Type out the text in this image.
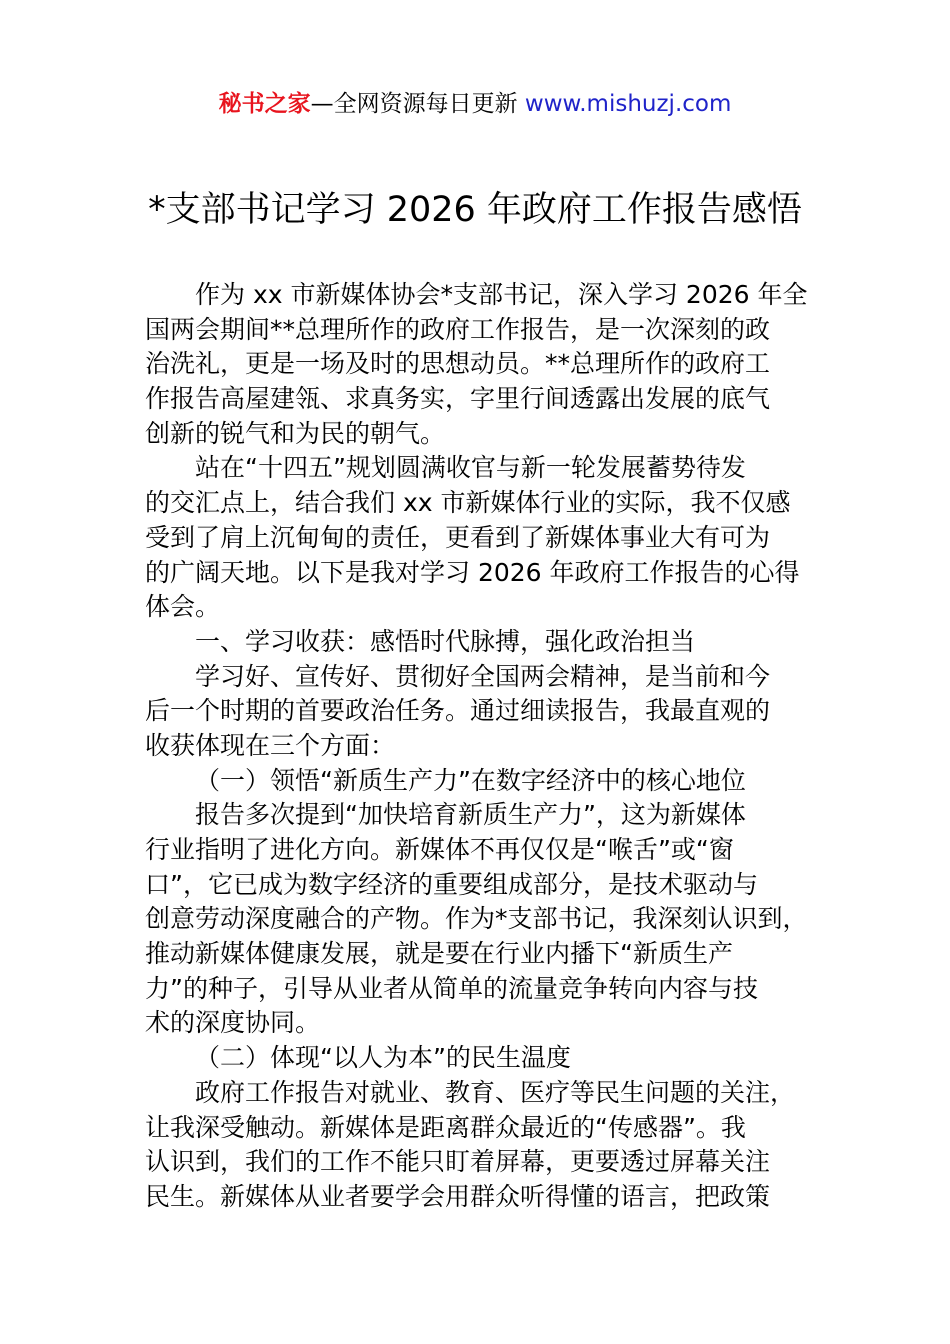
秘书之家—全网资源每日更新 www.mishuzj.com
*支部书记学习 2026 年政府工作报告感悟
作为 xx 市新媒体协会*支部书记，深入学习 2026 年全
国两会期间**总理所作的政府工作报告，是一次深刻的政
治洗礼，更是一场及时的思想动员。**总理所作的政府工
作报告高屋建瓴、求真务实，字里行间透露出发展的底气
创新的锐气和为民的朝气。
站在“十四五”规划圆满收官与新一轮发展蓄势待发
的交汇点上，结合我们 xx 市新媒体行业的实际，我不仅感
受到了肩上沉甸甸的责任，更看到了新媒体事业大有可为
的广阔天地。以下是我对学习 2026 年政府工作报告的心得
体会。
一、学习收获：感悟时代脉搏，强化政治担当
学习好、宣传好、贯彻好全国两会精神，是当前和今
后一个时期的首要政治任务。通过细读报告，我最直观的
收获体现在三个方面：
（一）领悟“新质生产力”在数字经济中的核心地位
报告多次提到“加快培育新质生产力”，这为新媒体
行业指明了进化方向。新媒体不再仅仅是“喉舌”或“窗
口”，它已成为数字经济的重要组成部分，是技术驱动与
创意劳动深度融合的产物。作为*支部书记，我深刻认识到，
推动新媒体健康发展，就是要在行业内播下“新质生产
力”的种子，引导从业者从简单的流量竞争转向内容与技
术的深度协同。
（二）体现“以人为本”的民生温度
政府工作报告对就业、教育、医疗等民生问题的关注，
让我深受触动。新媒体是距离群众最近的“传感器”。我
认识到，我们的工作不能只盯着屏幕，更要透过屏幕关注
民生。新媒体从业者要学会用群众听得懂的语言，把政策
